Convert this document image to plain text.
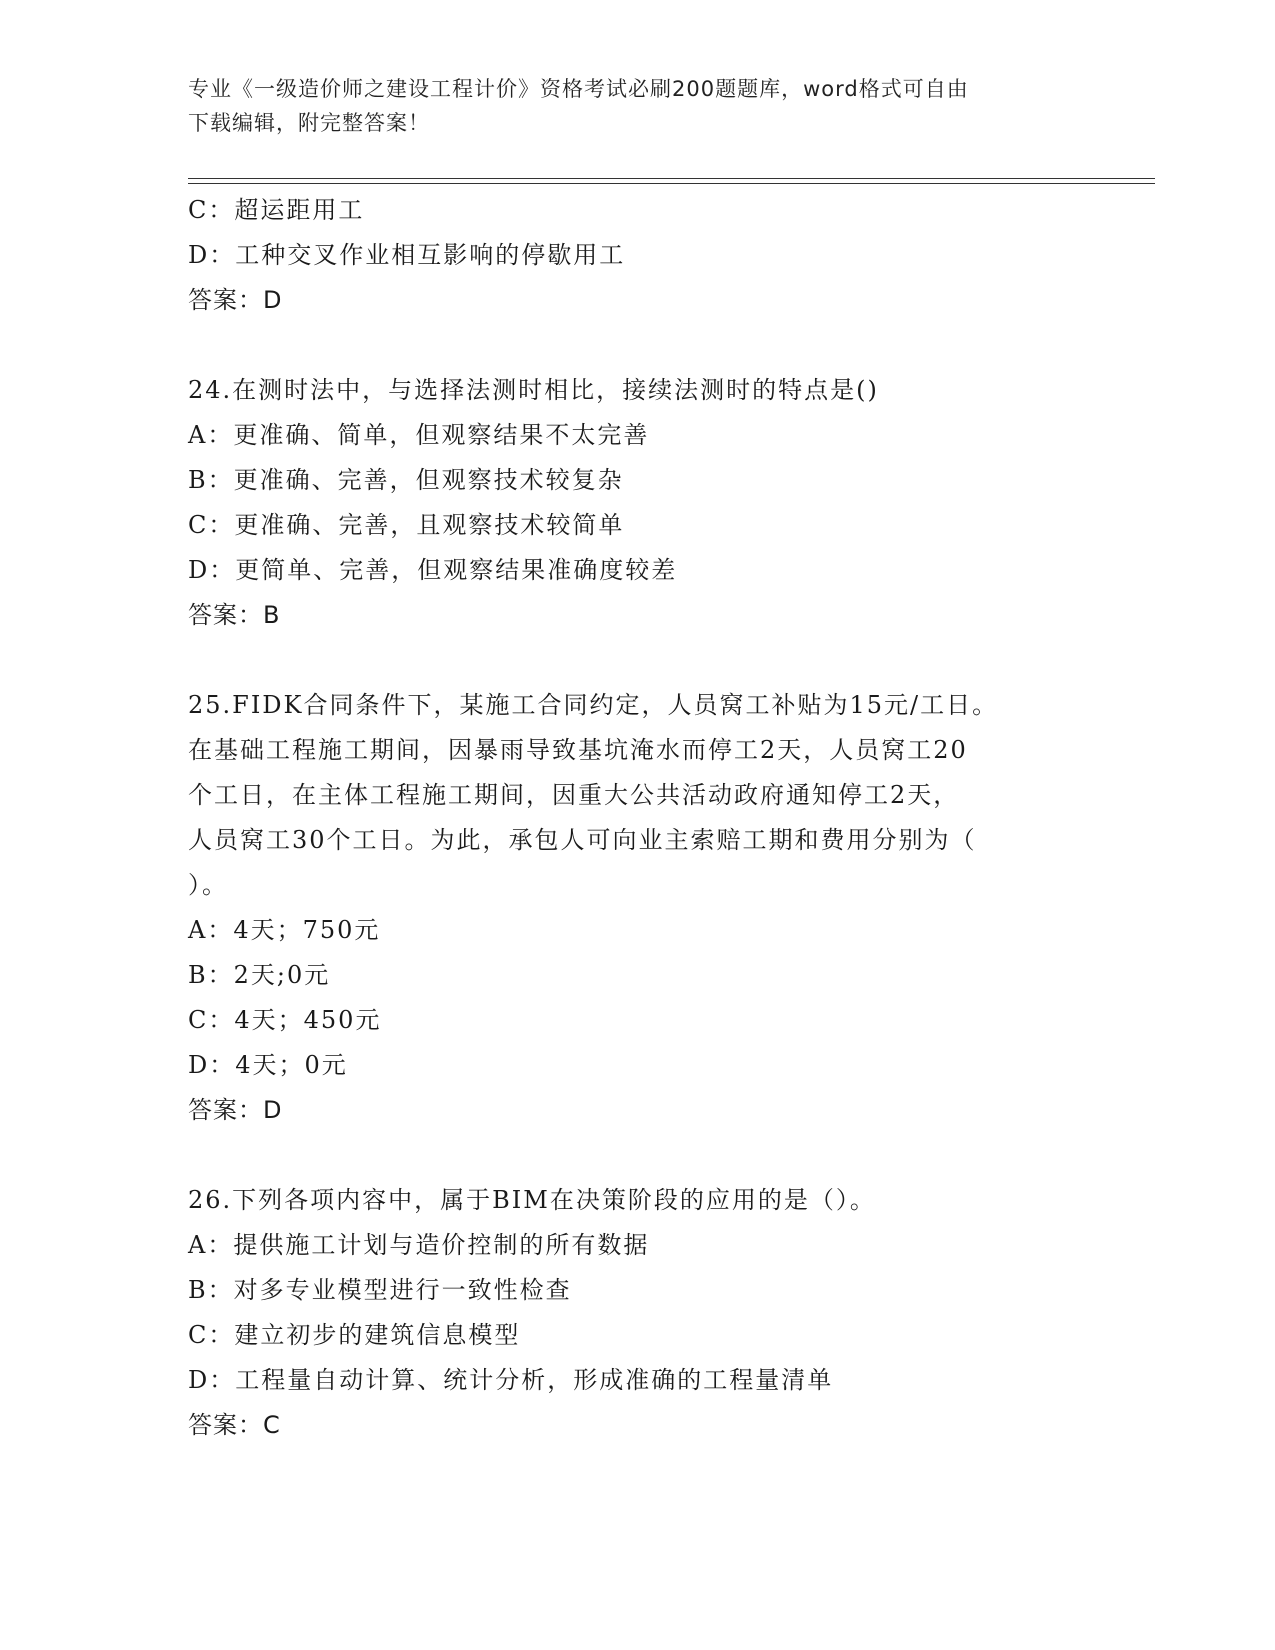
专业《一级造价师之建设工程计价》资格考试必刷200题题库，word格式可自由
下载编辑，附完整答案！
C：超运距用工
D：工种交叉作业相互影响的停歇用工
答案：D
24.在测时法中，与选择法测时相比，接续法测时的特点是()
A：更准确、简单，但观察结果不太完善
B：更准确、完善，但观察技术较复杂
C：更准确、完善，且观察技术较简单
D：更简单、完善，但观察结果准确度较差
答案：B
25.FIDK合同条件下，某施工合同约定，人员窝工补贴为15元/工日。
在基础工程施工期间，因暴雨导致基坑淹水而停工2天，人员窝工20
个工日，在主体工程施工期间，因重大公共活动政府通知停工2天，
人员窝工30个工日。为此，承包人可向业主索赔工期和费用分别为（
）。
A：4天；750元
B：2天;0元
C：4天；450元
D：4天；0元
答案：D
26.下列各项内容中，属于BIM在决策阶段的应用的是（）。
A：提供施工计划与造价控制的所有数据
B：对多专业模型进行一致性检查
C：建立初步的建筑信息模型
D：工程量自动计算、统计分析，形成准确的工程量清单
答案：C
